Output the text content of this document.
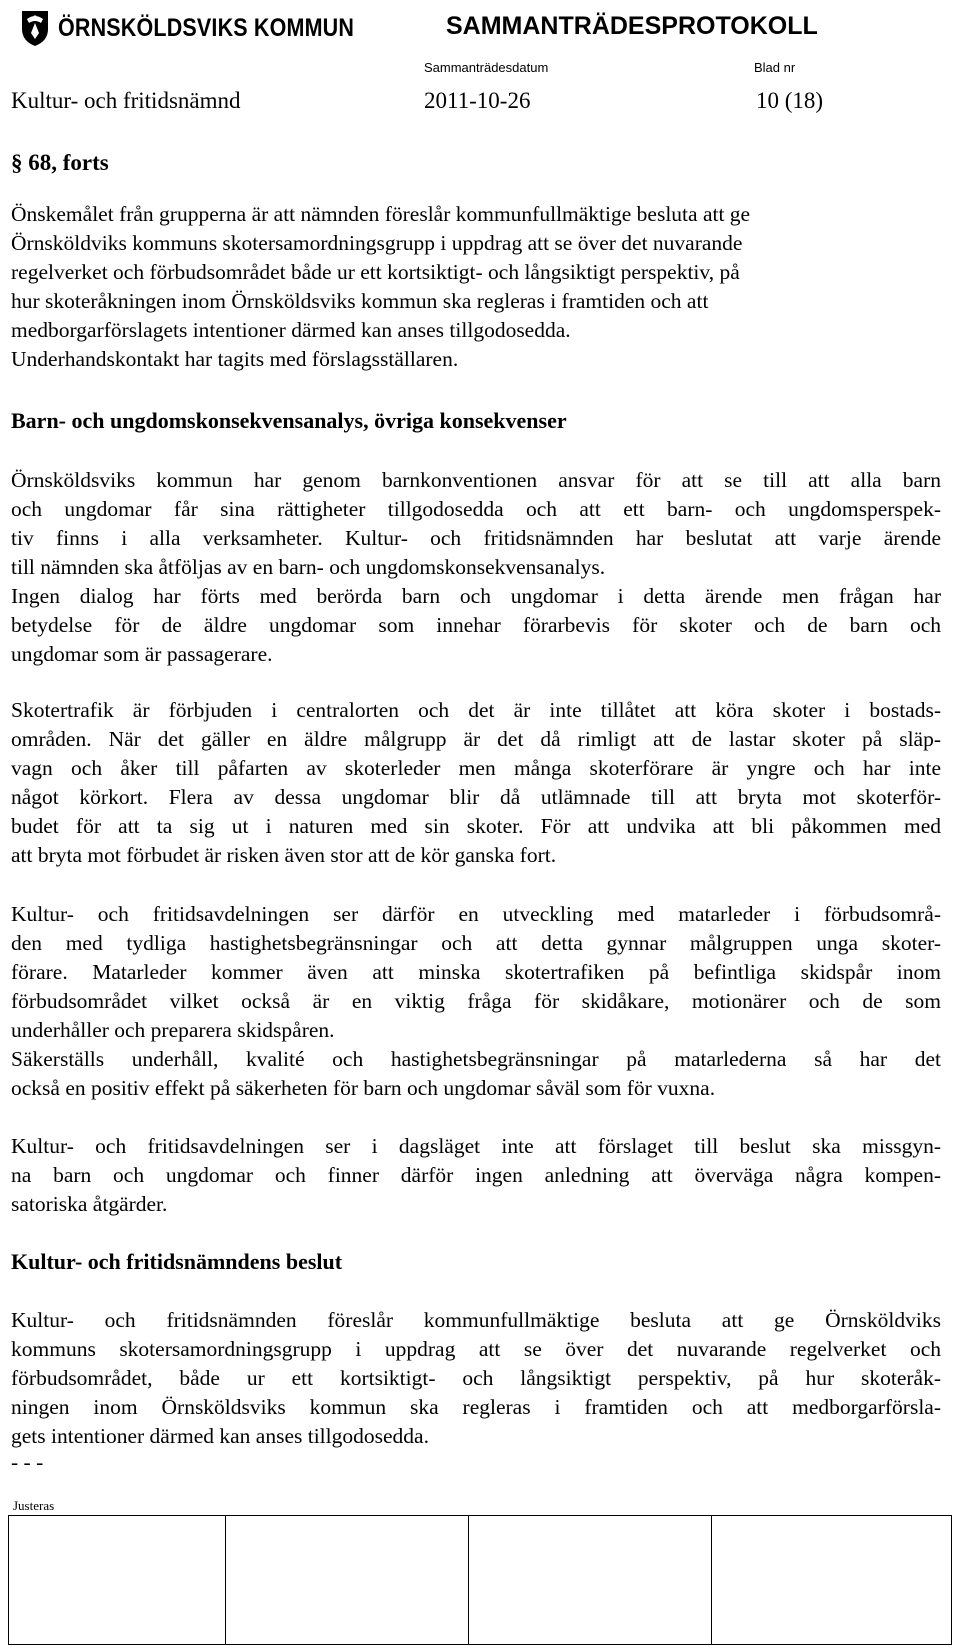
ÖRNSKÖLDSVIKS KOMMUN	SAMMANTRÄDESPROTOKOLL
Sammanträdesdatum	Blad nr
Kultur- och fritidsnämnd	2011-10-26	10 (18)
§ 68, forts
Önskemålet från grupperna är att nämnden föreslår kommunfullmäktige besluta att ge
Örnsköldviks kommuns skotersamordningsgrupp i uppdrag att se över det nuvarande
regelverket och förbudsområdet både ur ett kortsiktigt- och långsiktigt perspektiv, på
hur skoteråkningen inom Örnsköldsviks kommun ska regleras i framtiden och att
medborgarförslagets intentioner därmed kan anses tillgodosedda.
Underhandskontakt har tagits med förslagsställaren.
Barn- och ungdomskonsekvensanalys, övriga konsekvenser
Örnsköldsviks kommun har genom barnkonventionen ansvar för att se till att alla barn
och ungdomar får sina rättigheter tillgodosedda och att ett barn- och ungdomsperspek-
tiv finns i alla verksamheter. Kultur- och fritidsnämnden har beslutat att varje ärende
till nämnden ska åtföljas av en barn- och ungdomskonsekvensanalys.
Ingen dialog har förts med berörda barn och ungdomar i detta ärende men frågan har
betydelse för de äldre ungdomar som innehar förarbevis för skoter och de barn och
ungdomar som är passagerare.
Skotertrafik är förbjuden i centralorten och det är inte tillåtet att köra skoter i bostads-
områden. När det gäller en äldre målgrupp är det då rimligt att de lastar skoter på släp-
vagn och åker till påfarten av skoterleder men många skoterförare är yngre och har inte
något körkort. Flera av dessa ungdomar blir då utlämnade till att bryta mot skoterför-
budet för att ta sig ut i naturen med sin skoter. För att undvika att bli påkommen med
att bryta mot förbudet är risken även stor att de kör ganska fort.
Kultur- och fritidsavdelningen ser därför en utveckling med matarleder i förbudsområ-
den med tydliga hastighetsbegränsningar och att detta gynnar målgruppen unga skoter-
förare. Matarleder kommer även att minska skotertrafiken på befintliga skidspår inom
förbudsområdet vilket också är en viktig fråga för skidåkare, motionärer och de som
underhåller och preparera skidspåren.
Säkerställs underhåll, kvalité och hastighetsbegränsningar på matarlederna så har det
också en positiv effekt på säkerheten för barn och ungdomar såväl som för vuxna.
Kultur- och fritidsavdelningen ser i dagsläget inte att förslaget till beslut ska missgyn-
na barn och ungdomar och finner därför ingen anledning att överväga några kompen-
satoriska åtgärder.
Kultur- och fritidsnämndens beslut
Kultur- och fritidsnämnden föreslår kommunfullmäktige besluta att ge Örnsköldviks
kommuns skotersamordningsgrupp i uppdrag att se över det nuvarande regelverket och
förbudsområdet, både ur ett kortsiktigt- och långsiktigt perspektiv, på hur skoteråk-
ningen inom Örnsköldsviks kommun ska regleras i framtiden och att medborgarförsla-
gets intentioner därmed kan anses tillgodosedda.
- - -
Justeras
